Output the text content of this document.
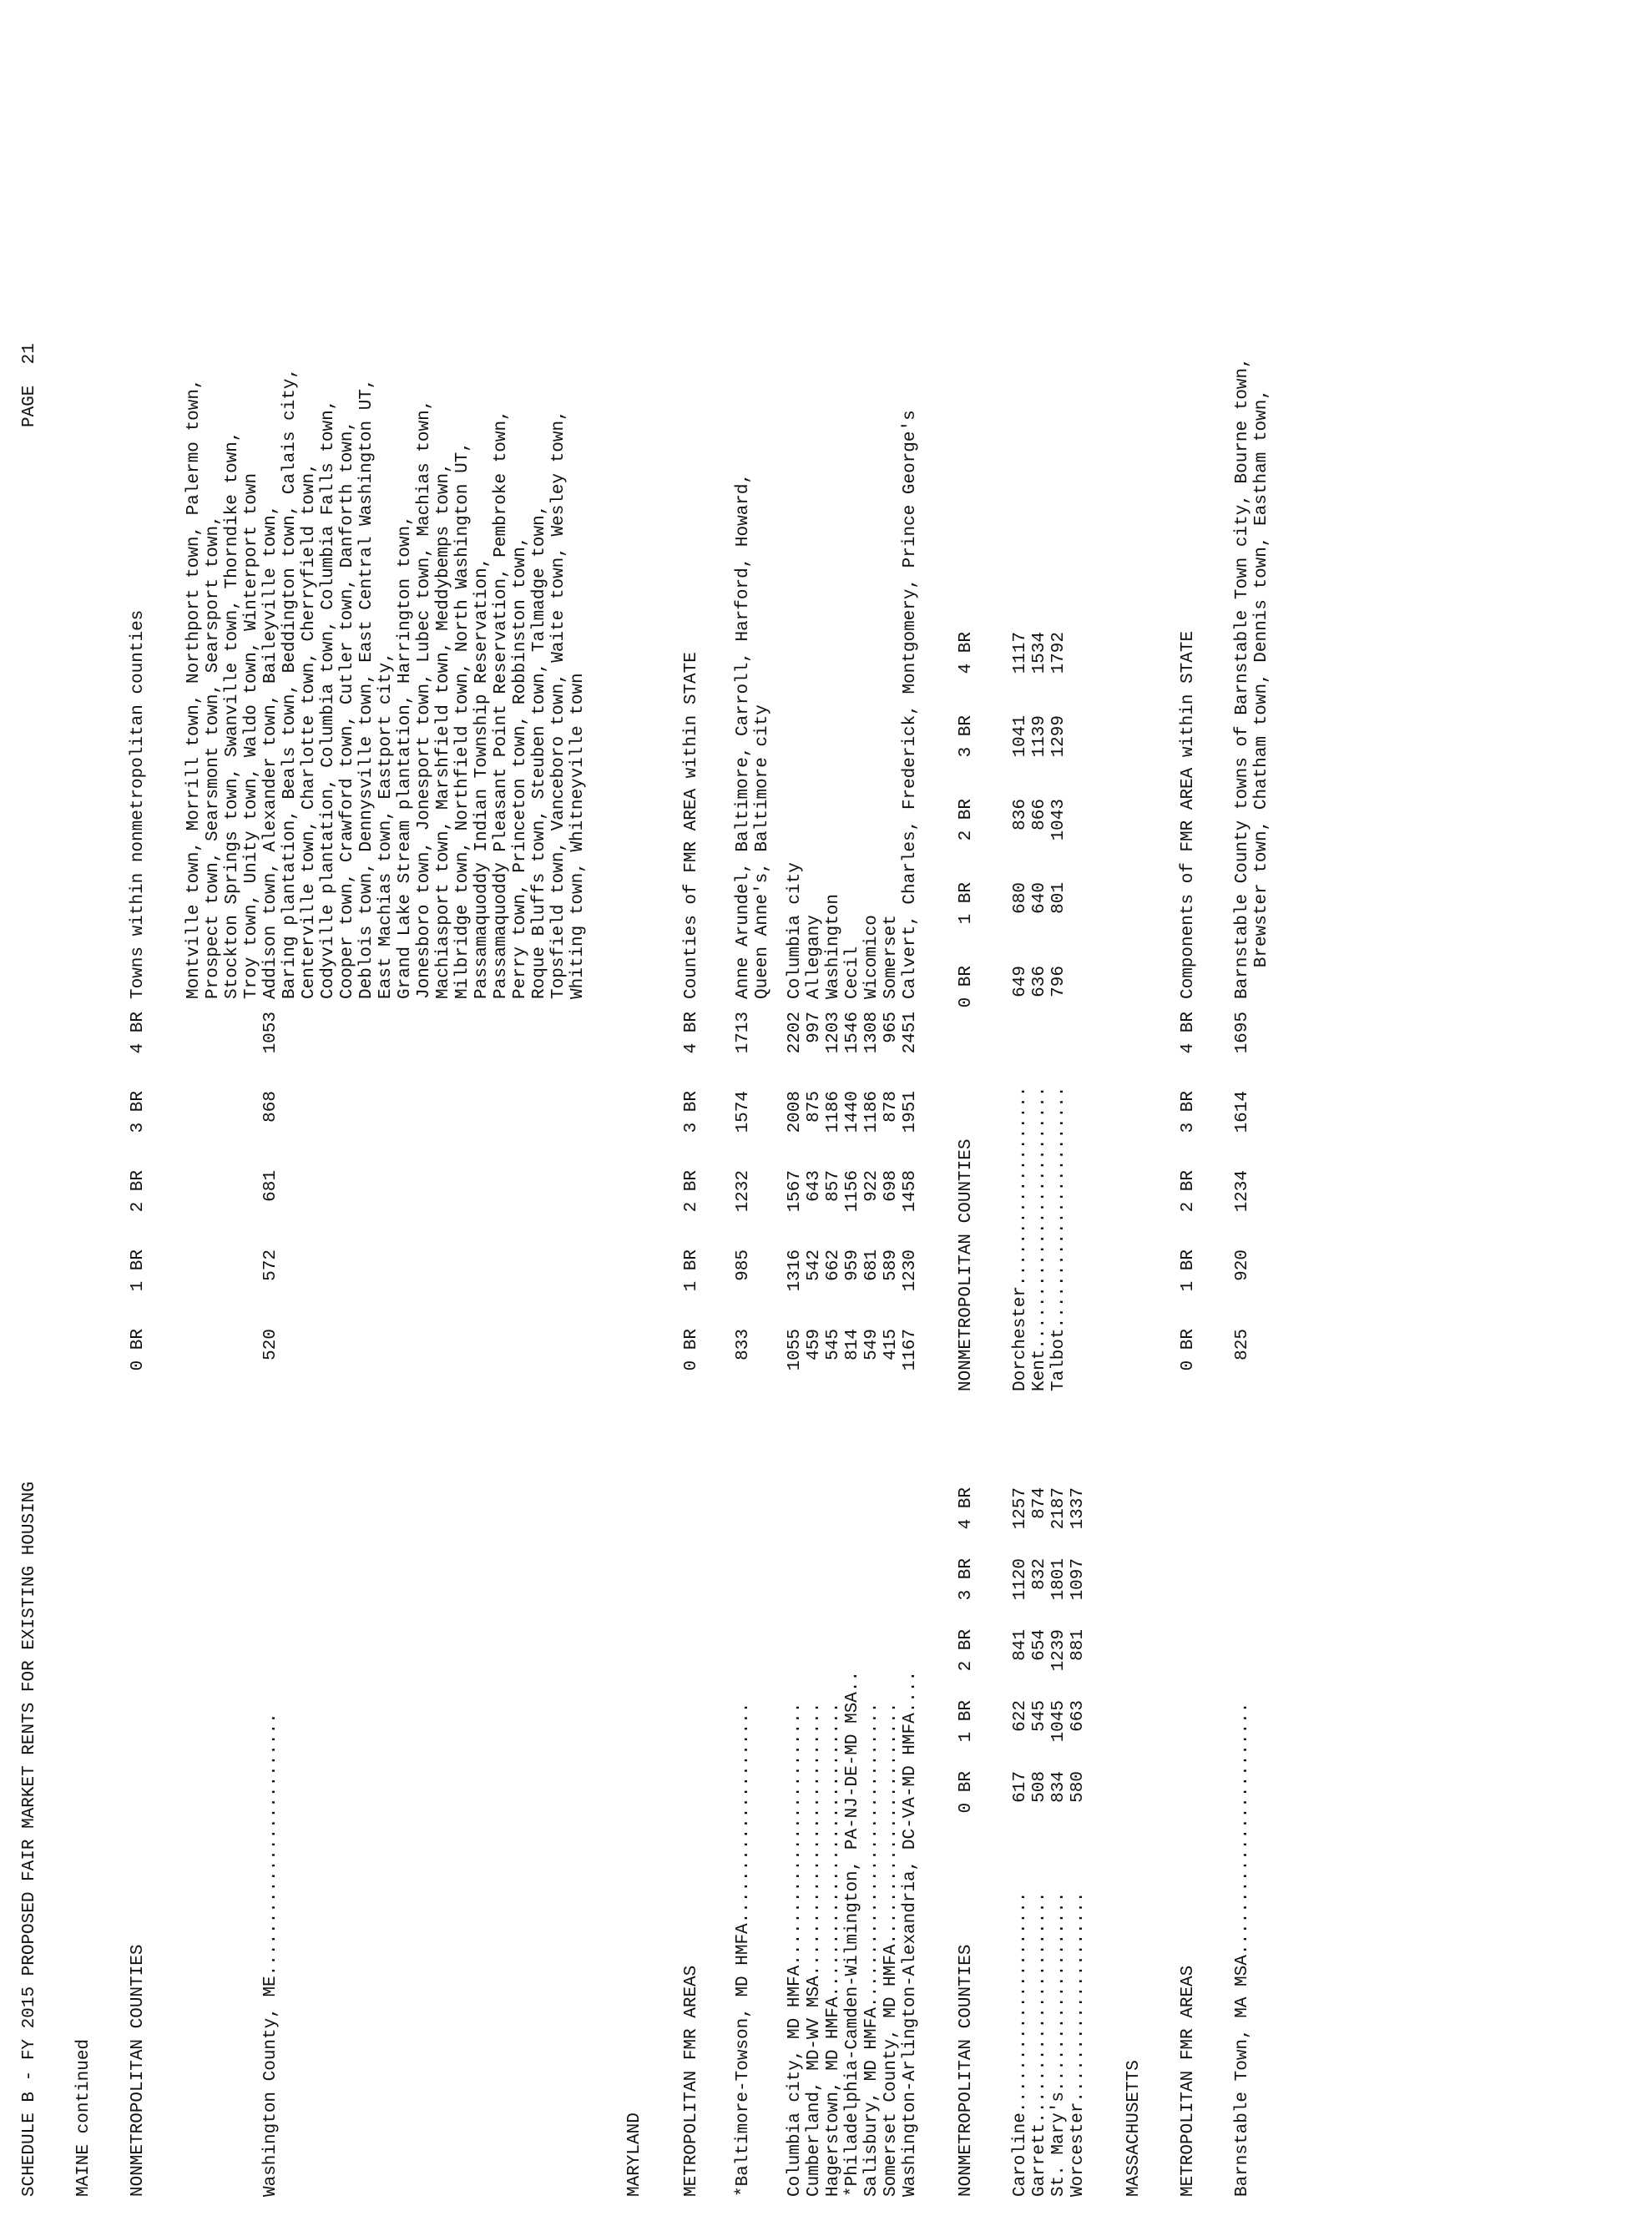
SCHEDULE B - FY 2015 PROPOSED FAIR MARKET RENTS FOR EXISTING HOUSING
PAGE  21
MAINE continued NONMETROPOLITAN COUNTIES
0 BR
1 BR
2 BR
3 BR
4 BR
Towns within nonmetropolitan counties Montville town, Morrill town, Northport town, Palermo town, Prospect town, Searsmont town, Searsport town, Stockton Springs town, Swanville town, Thorndike town, Troy town, Unity town, Waldo town, Winterport town
Washington County, ME.........................
520
572
681
868
1053
Addison town, Alexander town, Baileyville town, Baring plantation, Beals town, Beddington town, Calais city, Centerville town, Charlotte town, Cherryfield town, Codyville plantation, Columbia town, Columbia Falls town, Cooper town, Crawford town, Cutler town, Danforth town, Deblois town, Dennysville town, East Central Washington UT, East Machias town, Eastport city, Grand Lake Stream plantation, Harrington town, Jonesboro town, Jonesport town, Lubec town, Machias town, Machiasport town, Marshfield town, Meddybemps town, Milbridge town, Northfield town, North Washington UT, Passamaquoddy Indian Township Reservation, Passamaquoddy Pleasant Point Reservation, Pembroke town, Perry town, Princeton town, Robbinston town, Roque Bluffs town, Steuben town, Talmadge town, Topsfield town, Vanceboro town, Waite town, Wesley town, Whiting town, Whitneyville town
MARYLAND METROPOLITAN FMR AREAS
0 BR
1 BR
2 BR
3 BR
4 BR
Counties of FMR AREA within STATE
*Baltimore-Towson, MD HMFA.....................
833
985
1232
1574
1713
Anne Arundel, Baltimore, Carroll, Harford, Howard, Queen Anne's, Baltimore city
Columbia city, MD HMFA.........................
1055
1316
1567
2008
2202
Columbia city
Cumberland, MD-WV MSA..........................
459
542
643
875
997
Allegany
Hagerstown, MD HMFA............................
545
662
857
1186
1203
Washington
*Philadelphia-Camden-Wilmington, PA-NJ-DE-MD MSA..
814
959
1156
1440
1546
Cecil
Salisbury, MD HMFA.............................
549
681
922
1186
1308
Wicomico
Somerset County, MD HMFA.......................
415
589
698
878
965
Somerset
Washington-Arlington-Alexandria, DC-VA-MD HMFA....
1167
1230
1458
1951
2451
Calvert, Charles, Frederick, Montgomery, Prince George's
NONMETROPOLITAN COUNTIES
0 BR
1 BR
2 BR
3 BR
4 BR
NONMETROPOLITAN COUNTIES
0 BR
1 BR
2 BR
3 BR
4 BR
Caroline.....................
617
622
841
1120
1257
Garrett......................
508
545
654
832
874
St. Mary's...................
834
1045
1239
1801
2187
Worcester....................
580
663
881
1097
1337
Dorchester...................
649
680
836
1041
1117
Kent.........................
636
640
866
1139
1534
Talbot.......................
796
801
1043
1299
1792
MASSACHUSETTS METROPOLITAN FMR AREAS
0 BR
1 BR
2 BR
3 BR
4 BR
Components of FMR AREA within STATE
Barnstable Town, MA MSA........................
825
920
1234
1614
1695
Barnstable County towns of Barnstable Town city, Bourne town, Brewster town, Chatham town, Dennis town, Eastham town,
